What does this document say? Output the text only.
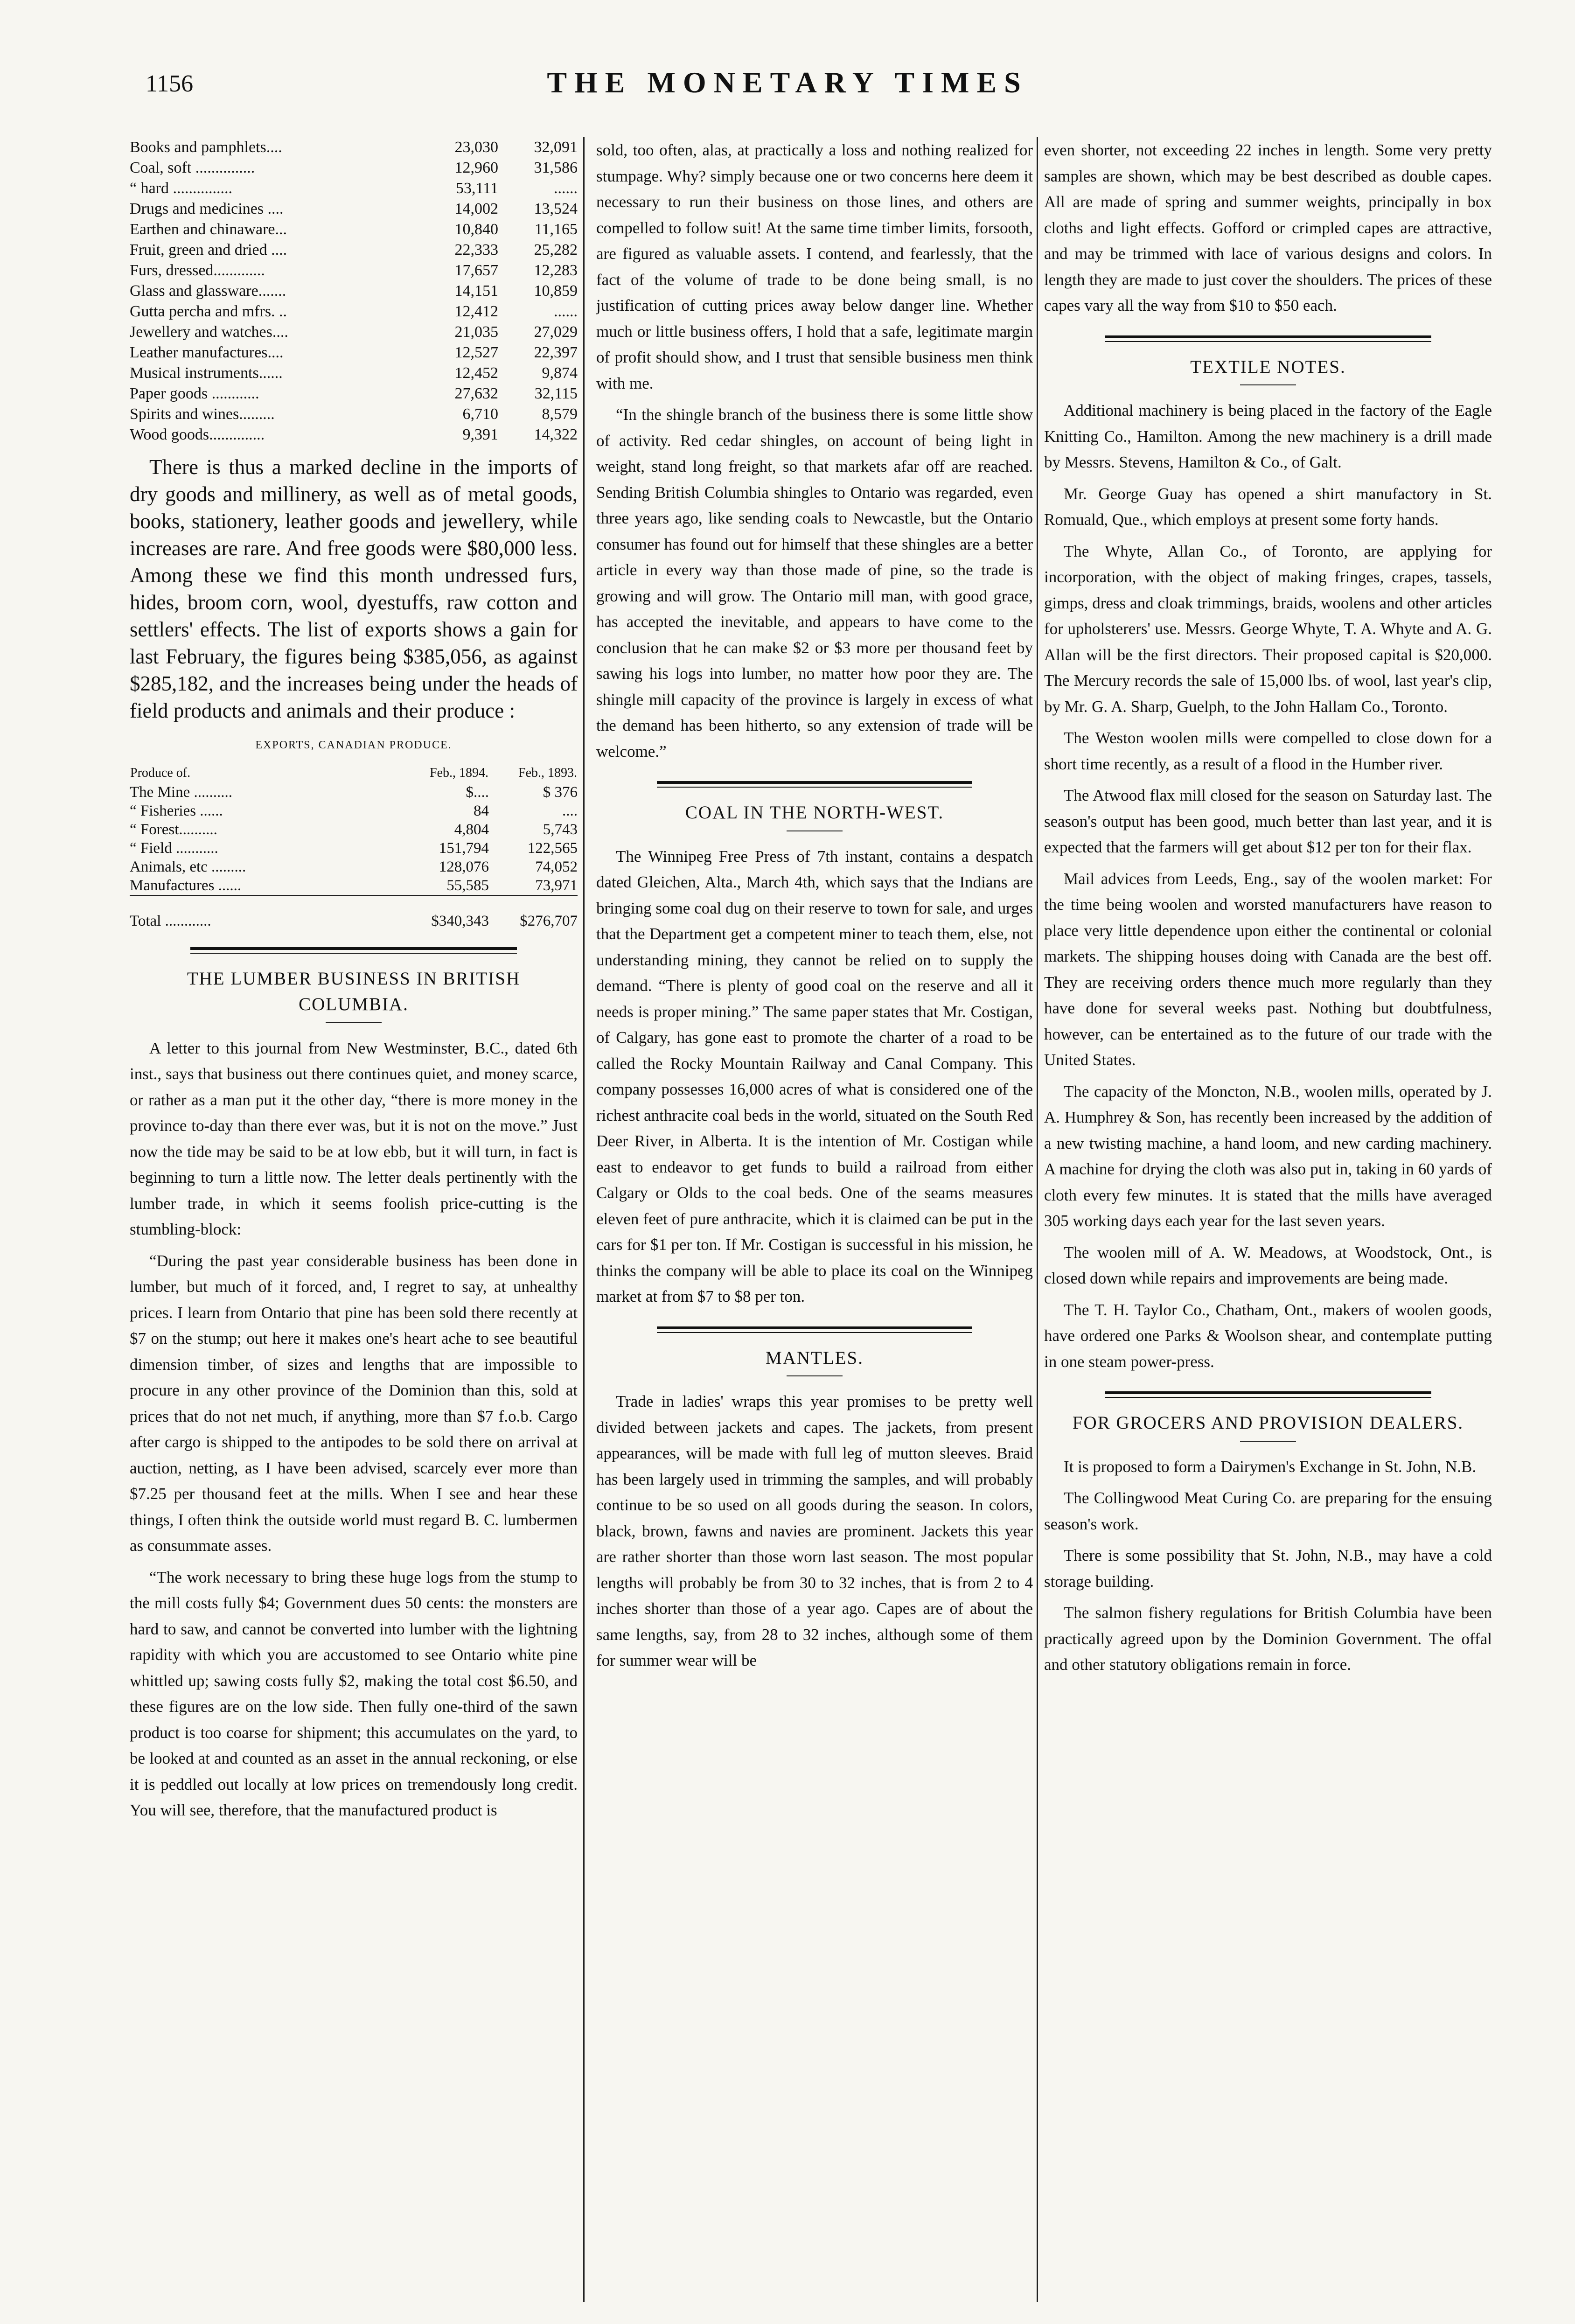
1156	THE MONETARY TIMES
Books and pamphlets....	23,030	32,091
Coal, soft ...............	12,960	31,586
“ hard ...............	53,111	......
Drugs and medicines ....	14,002	13,524
Earthen and chinaware...	10,840	11,165
Fruit, green and dried ....	22,333	25,282
Furs, dressed.............	17,657	12,283
Glass and glassware.......	14,151	10,859
Gutta percha and mfrs. ..	12,412	......
Jewellery and watches....	21,035	27,029
Leather manufactures....	12,527	22,397
Musical instruments......	12,452	9,874
Paper goods ............	27,632	32,115
Spirits and wines.........	6,710	8,579
Wood goods..............	9,391	14,322

There is thus a marked decline in the imports of dry goods and millinery, as well as of metal goods, books, stationery, leather goods and jewellery, while increases are rare. And free goods were $80,000 less. Among these we find this month undressed furs, hides, broom corn, wool, dyestuffs, raw cotton and settlers' effects. The list of exports shows a gain for last February, the figures being $385,056, as against $285,182, and the increases being under the heads of field products and animals and their produce :

EXPORTS, CANADIAN PRODUCE.
Produce of.	Feb., 1894.	Feb., 1893.
The Mine ..........	$....	$ 376
“ Fisheries ......	84	....
“ Forest..........	4,804	5,743
“ Field ...........	151,794	122,565
Animals, etc .........	128,076	74,052
Manufactures ......	55,585	73,971
Total ............	$340,343	$276,707
THE LUMBER BUSINESS IN BRITISH COLUMBIA.

A letter to this journal from New Westminster, B.C., dated 6th inst., says that business out there continues quiet, and money scarce, or rather as a man put it the other day, “there is more money in the province to-day than there ever was, but it is not on the move.” Just now the tide may be said to be at low ebb, but it will turn, in fact is beginning to turn a little now. The letter deals pertinently with the lumber trade, in which it seems foolish price-cutting is the stumbling-block:

“During the past year considerable business has been done in lumber, but much of it forced, and, I regret to say, at unhealthy prices. I learn from Ontario that pine has been sold there recently at $7 on the stump; out here it makes one's heart ache to see beautiful dimension timber, of sizes and lengths that are impossible to procure in any other province of the Dominion than this, sold at prices that do not net much, if anything, more than $7 f.o.b. Cargo after cargo is shipped to the antipodes to be sold there on arrival at auction, netting, as I have been advised, scarcely ever more than $7.25 per thousand feet at the mills. When I see and hear these things, I often think the outside world must regard B. C. lumbermen as consummate asses.

“The work necessary to bring these huge logs from the stump to the mill costs fully $4; Government dues 50 cents: the monsters are hard to saw, and cannot be converted into lumber with the lightning rapidity with which you are accustomed to see Ontario white pine whittled up; sawing costs fully $2, making the total cost $6.50, and these figures are on the low side. Then fully one-third of the sawn product is too coarse for shipment; this accumulates on the yard, to be looked at and counted as an asset in the annual reckoning, or else it is peddled out locally at low prices on tremendously long credit. You will see, therefore, that the manufactured product is

sold, too often, alas, at practically a loss and nothing realized for stumpage. Why? simply because one or two concerns here deem it necessary to run their business on those lines, and others are compelled to follow suit! At the same time timber limits, forsooth, are figured as valuable assets. I contend, and fearlessly, that the fact of the volume of trade to be done being small, is no justification of cutting prices away below danger line. Whether much or little business offers, I hold that a safe, legitimate margin of profit should show, and I trust that sensible business men think with me.

“In the shingle branch of the business there is some little show of activity. Red cedar shingles, on account of being light in weight, stand long freight, so that markets afar off are reached. Sending British Columbia shingles to Ontario was regarded, even three years ago, like sending coals to Newcastle, but the Ontario consumer has found out for himself that these shingles are a better article in every way than those made of pine, so the trade is growing and will grow. The Ontario mill man, with good grace, has accepted the inevitable, and appears to have come to the conclusion that he can make $2 or $3 more per thousand feet by sawing his logs into lumber, no matter how poor they are. The shingle mill capacity of the province is largely in excess of what the demand has been hitherto, so any extension of trade will be welcome.”

COAL IN THE NORTH-WEST.

The Winnipeg Free Press of 7th instant, contains a despatch dated Gleichen, Alta., March 4th, which says that the Indians are bringing some coal dug on their reserve to town for sale, and urges that the Department get a competent miner to teach them, else, not understanding mining, they cannot be relied on to supply the demand. “There is plenty of good coal on the reserve and all it needs is proper mining.” The same paper states that Mr. Costigan, of Calgary, has gone east to promote the charter of a road to be called the Rocky Mountain Railway and Canal Company. This company possesses 16,000 acres of what is considered one of the richest anthracite coal beds in the world, situated on the South Red Deer River, in Alberta. It is the intention of Mr. Costigan while east to endeavor to get funds to build a railroad from either Calgary or Olds to the coal beds. One of the seams measures eleven feet of pure anthracite, which it is claimed can be put in the cars for $1 per ton. If Mr. Costigan is successful in his mission, he thinks the company will be able to place its coal on the Winnipeg market at from $7 to $8 per ton.

MANTLES.

Trade in ladies' wraps this year promises to be pretty well divided between jackets and capes. The jackets, from present appearances, will be made with full leg of mutton sleeves. Braid has been largely used in trimming the samples, and will probably continue to be so used on all goods during the season. In colors, black, brown, fawns and navies are prominent. Jackets this year are rather shorter than those worn last season. The most popular lengths will probably be from 30 to 32 inches, that is from 2 to 4 inches shorter than those of a year ago. Capes are of about the same lengths, say, from 28 to 32 inches, although some of them for summer wear will be

even shorter, not exceeding 22 inches in length. Some very pretty samples are shown, which may be best described as double capes. All are made of spring and summer weights, principally in box cloths and light effects. Gofford or crimpled capes are attractive, and may be trimmed with lace of various designs and colors. In length they are made to just cover the shoulders. The prices of these capes vary all the way from $10 to $50 each.

TEXTILE NOTES.

Additional machinery is being placed in the factory of the Eagle Knitting Co., Hamilton. Among the new machinery is a drill made by Messrs. Stevens, Hamilton & Co., of Galt.

Mr. George Guay has opened a shirt manufactory in St. Romuald, Que., which employs at present some forty hands.

The Whyte, Allan Co., of Toronto, are applying for incorporation, with the object of making fringes, crapes, tassels, gimps, dress and cloak trimmings, braids, woolens and other articles for upholsterers' use. Messrs. George Whyte, T. A. Whyte and A. G. Allan will be the first directors. Their proposed capital is $20,000. The Mercury records the sale of 15,000 lbs. of wool, last year's clip, by Mr. G. A. Sharp, Guelph, to the John Hallam Co., Toronto.

The Weston woolen mills were compelled to close down for a short time recently, as a result of a flood in the Humber river.

The Atwood flax mill closed for the season on Saturday last. The season's output has been good, much better than last year, and it is expected that the farmers will get about $12 per ton for their flax.

Mail advices from Leeds, Eng., say of the woolen market: For the time being woolen and worsted manufacturers have reason to place very little dependence upon either the continental or colonial markets. The shipping houses doing with Canada are the best off. They are receiving orders thence much more regularly than they have done for several weeks past. Nothing but doubtfulness, however, can be entertained as to the future of our trade with the United States.

The capacity of the Moncton, N.B., woolen mills, operated by J. A. Humphrey & Son, has recently been increased by the addition of a new twisting machine, a hand loom, and new carding machinery. A machine for drying the cloth was also put in, taking in 60 yards of cloth every few minutes. It is stated that the mills have averaged 305 working days each year for the last seven years.

The woolen mill of A. W. Meadows, at Woodstock, Ont., is closed down while repairs and improvements are being made.

The T. H. Taylor Co., Chatham, Ont., makers of woolen goods, have ordered one Parks & Woolson shear, and contemplate putting in one steam power-press.

FOR GROCERS AND PROVISION DEALERS.

It is proposed to form a Dairymen's Exchange in St. John, N.B.

The Collingwood Meat Curing Co. are preparing for the ensuing season's work.

There is some possibility that St. John, N.B., may have a cold storage building.

The salmon fishery regulations for British Columbia have been practically agreed upon by the Dominion Government. The offal and other statutory obligations remain in force.
